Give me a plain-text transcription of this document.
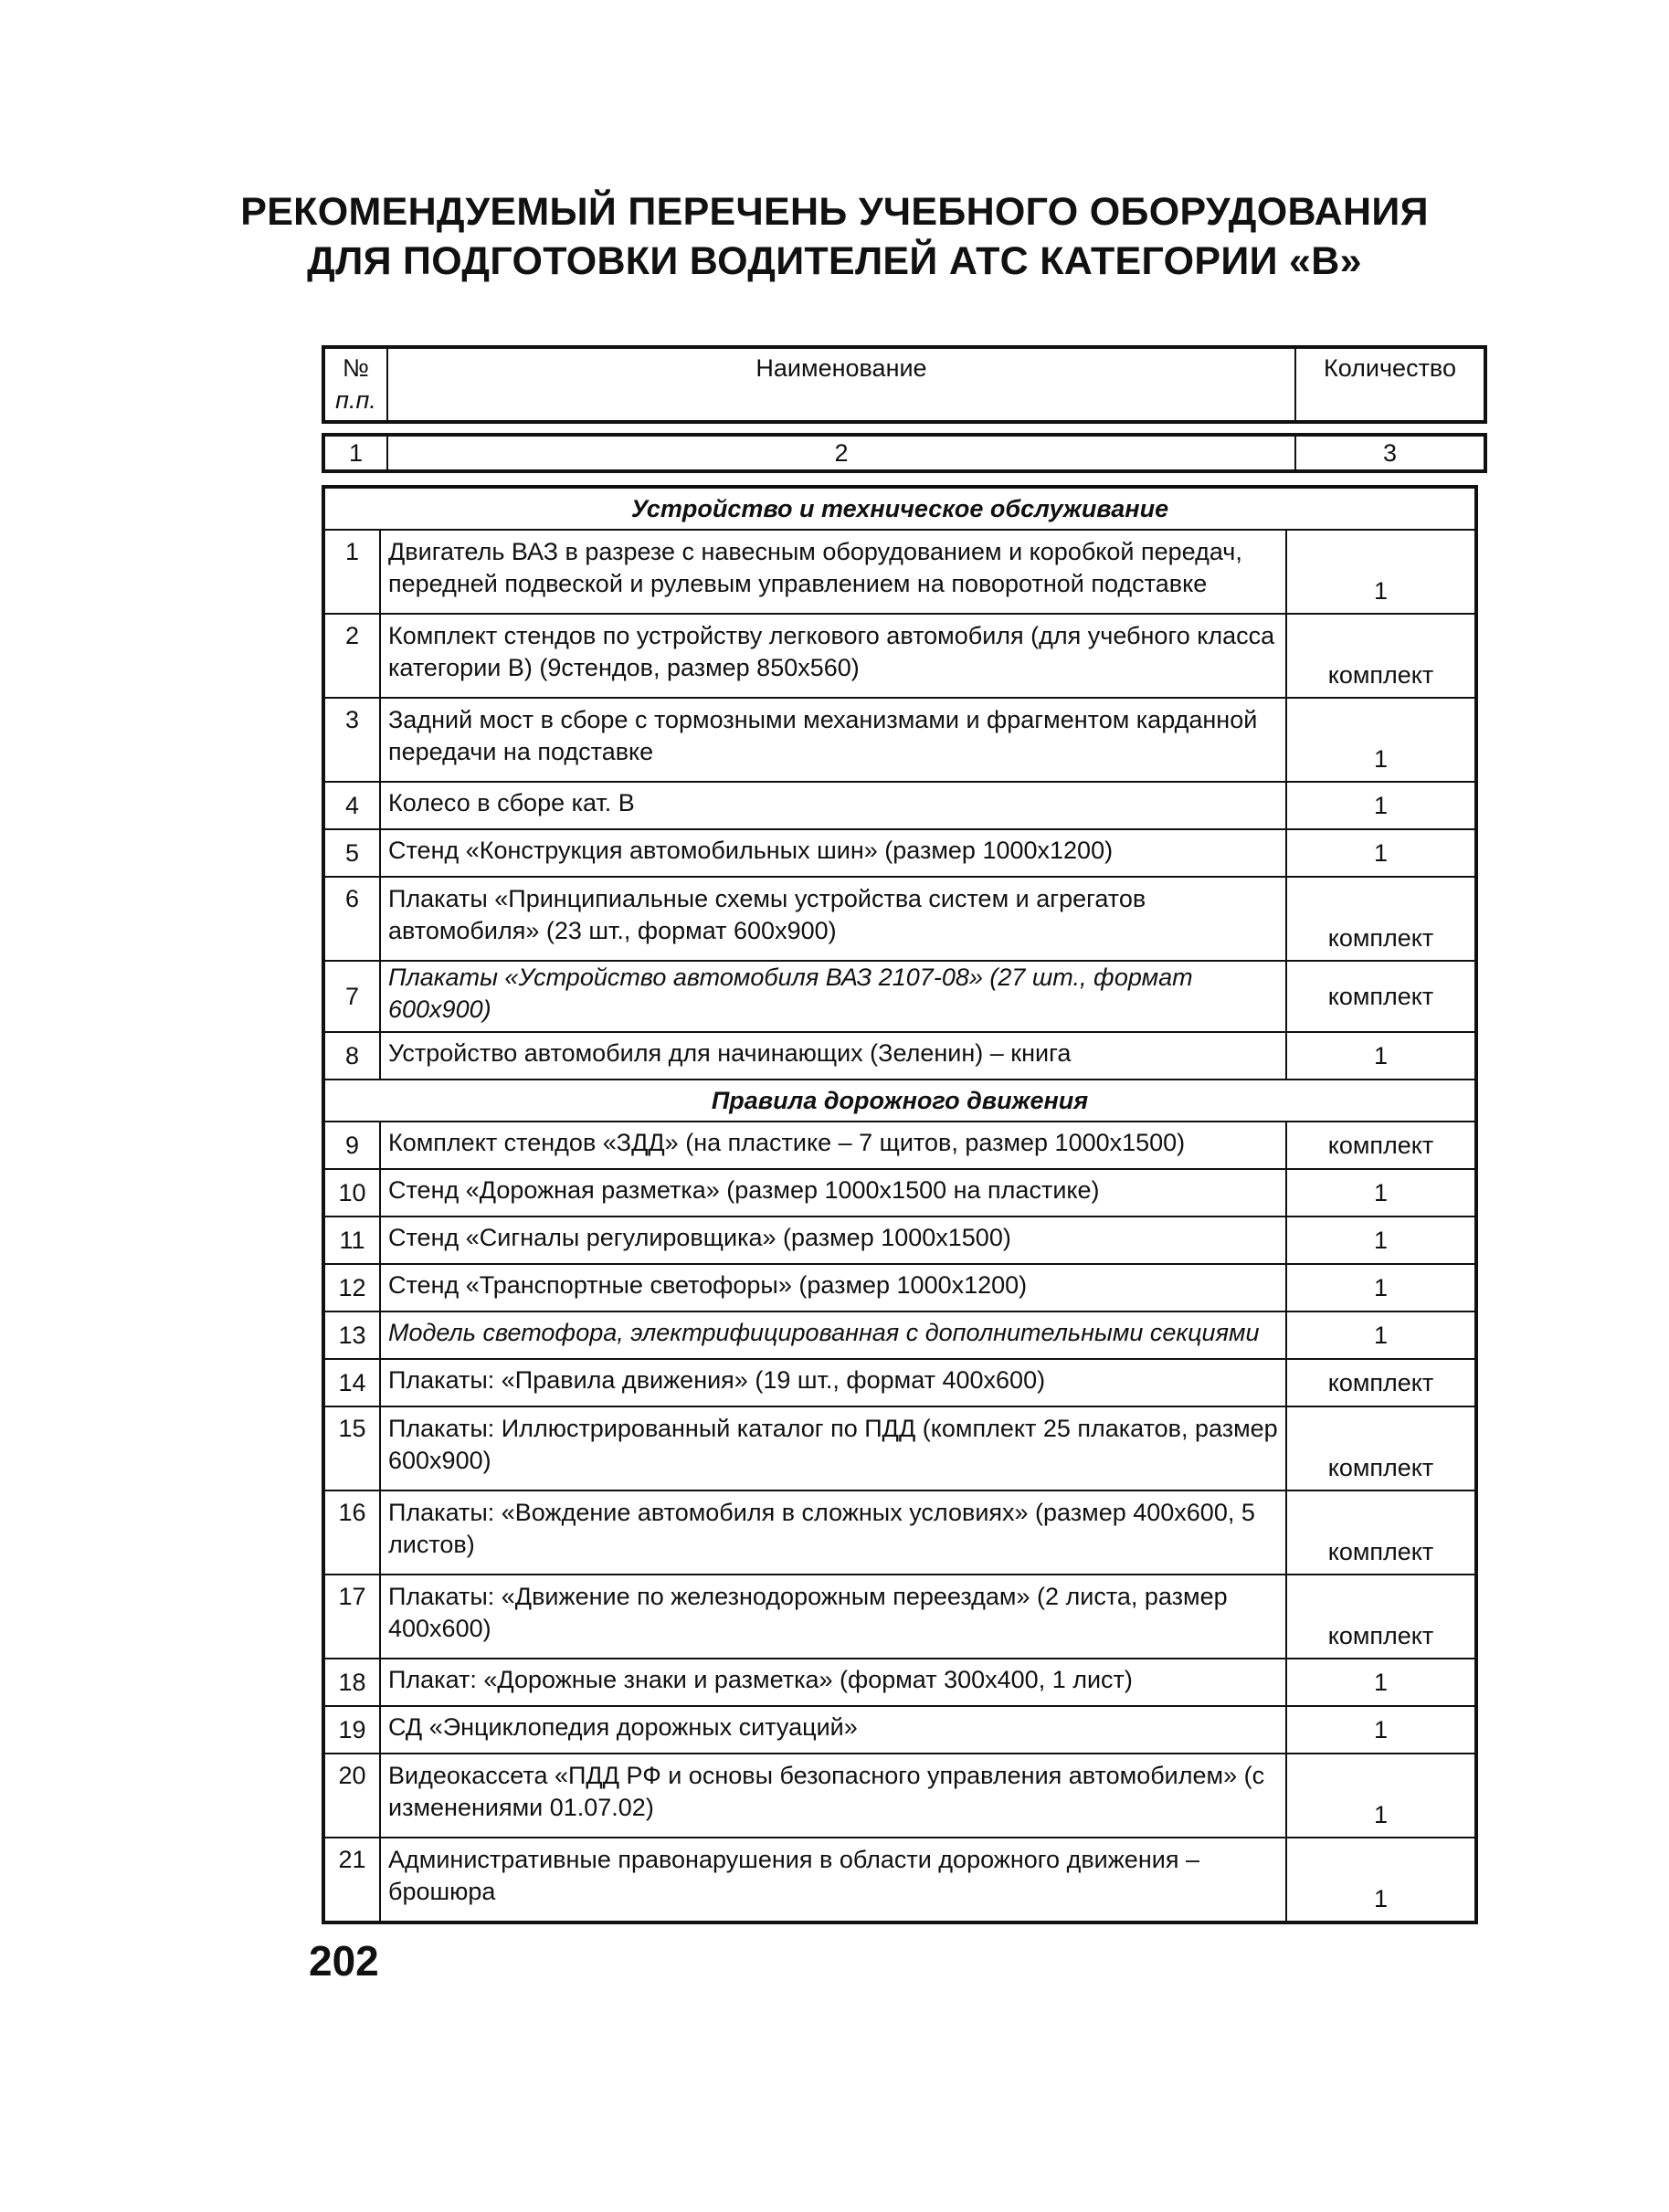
РЕКОМЕНДУЕМЫЙ ПЕРЕЧЕНЬ УЧЕБНОГО ОБОРУДОВАНИЯ
ДЛЯ ПОДГОТОВКИ ВОДИТЕЛЕЙ АТС КАТЕГОРИИ «В»
№
п.п.
	Наименование	Количество
1	2	3
Устройство и техническое обслуживание		
1	Двигатель ВАЗ в разрезе с навесным оборудованием и коробкой передач, передней подвеской и рулевым управлением на поворотной подставке	1
2	Комплект стендов по устройству легкового автомобиля (для учебного класса категории В) (9стендов, размер 850x560)	комплект
3	Задний мост в сборе с тормозными механизмами и фрагментом карданной передачи на подставке	1
4	Колесо в сборе кат. В	1
5	Стенд «Конструкция автомобильных шин» (размер 1000x1200)	1
6	Плакаты «Принципиальные схемы устройства систем и агрегатов автомобиля» (23 шт., формат 600x900)	комплект
7	Плакаты «Устройство автомобиля ВАЗ 2107-08» (27 шт., формат 600x900)	комплект
8	Устройство автомобиля для начинающих (Зеленин) – книга	1
Правила дорожного движения		
9	Комплект стендов «ЗДД» (на пластике – 7 щитов, размер 1000x1500)	комплект
10	Стенд «Дорожная разметка» (размер 1000x1500 на пластике)	1
11	Стенд «Сигналы регулировщика» (размер 1000x1500)	1
12	Стенд «Транспортные светофоры» (размер 1000x1200)	1
13	Модель светофора, электрифицированная с дополнительными секциями	1
14	Плакаты: «Правила движения» (19 шт., формат 400x600)	комплект
15	Плакаты: Иллюстрированный каталог по ПДД (комплект 25 плакатов, размер 600x900)	комплект
16	Плакаты: «Вождение автомобиля в сложных условиях» (размер 400x600, 5 листов)	комплект
17	Плакаты: «Движение по железнодорожным переездам» (2 листа, размер 400x600)	комплект
18	Плакат: «Дорожные знаки и разметка» (формат 300x400, 1 лист)	1
19	СД «Энциклопедия дорожных ситуаций»	1
20	Видеокассета «ПДД РФ и основы безопасного управления автомобилем» (с изменениями 01.07.02)	1
21	Административные правонарушения в области дорожного движения – брошюра	1
202
